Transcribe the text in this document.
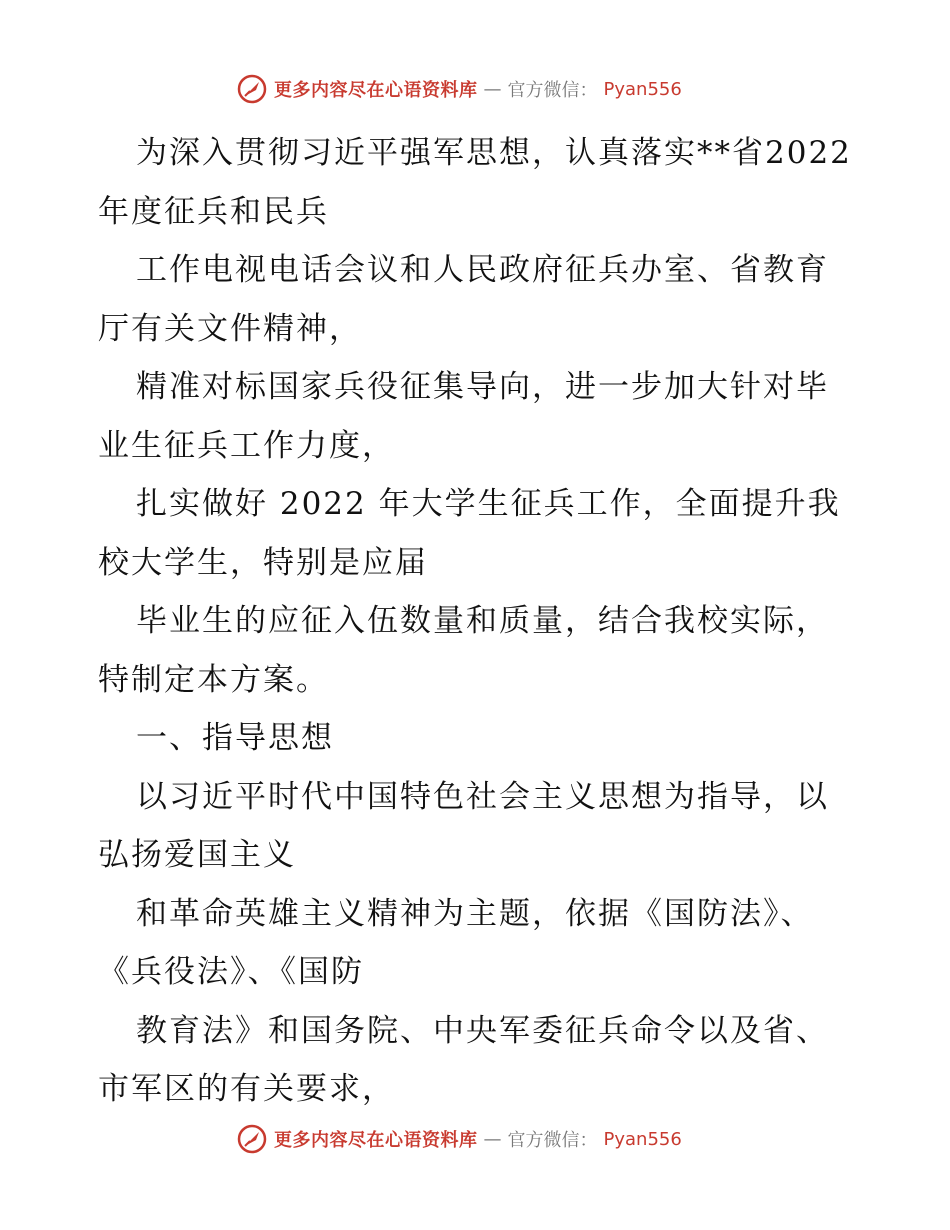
更多内容尽在心语资料库 — 官方微信： Pyan556

为深入贯彻习近平强军思想，认真落实**省2022 年度征兵和民兵

工作电视电话会议和人民政府征兵办室、省教育厅有关文件精神，

精准对标国家兵役征集导向，进一步加大针对毕业生征兵工作力度，

扎实做好 2022 年大学生征兵工作，全面提升我校大学生，特别是应届

毕业生的应征入伍数量和质量，结合我校实际，特制定本方案。

一、指导思想

以习近平时代中国特色社会主义思想为指导，以弘扬爱国主义

和革命英雄主义精神为主题，依据《国防法》、《兵役法》、《国防

教育法》和国务院、中央军委征兵命令以及省、市军区的有关要求，

更多内容尽在心语资料库 — 官方微信： Pyan556
